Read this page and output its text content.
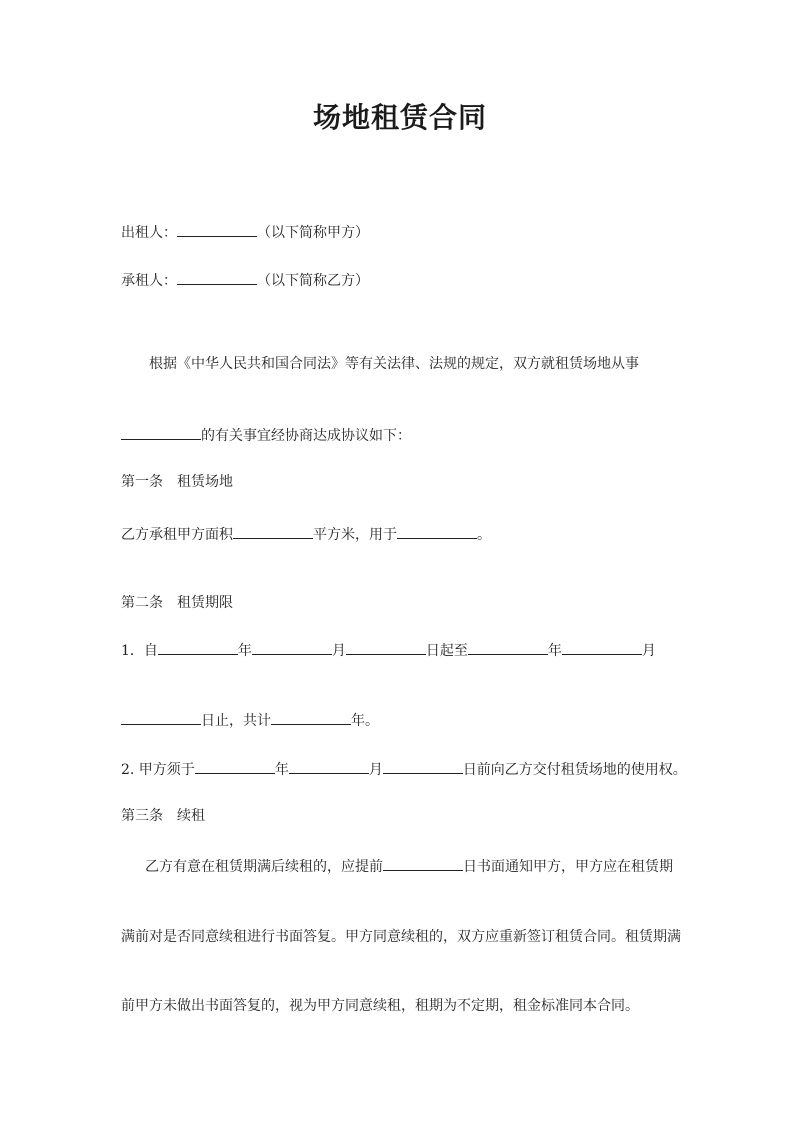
场地租赁合同
出租人：	（以下简称甲方）
承租人：	（以下简称乙方）
根据《中华人民共和国合同法》等有关法律、法规的规定，双方就租赁场地从事
的有关事宜经协商达成协议如下：
第一条 租赁场地
乙方承租甲方面积	平方米，用于	。
第二条 租赁期限
1．自	年	月	日起至	年	月
日止，共计	年。
2. 甲方须于	年	月	日前向乙方交付租赁场地的使用权。
第三条 续租
乙方有意在租赁期满后续租的，应提前	日书面通知甲方，甲方应在租赁期
满前对是否同意续租进行书面答复。甲方同意续租的，双方应重新签订租赁合同。租赁期满
前甲方未做出书面答复的，视为甲方同意续租，租期为不定期，租金标准同本合同。
